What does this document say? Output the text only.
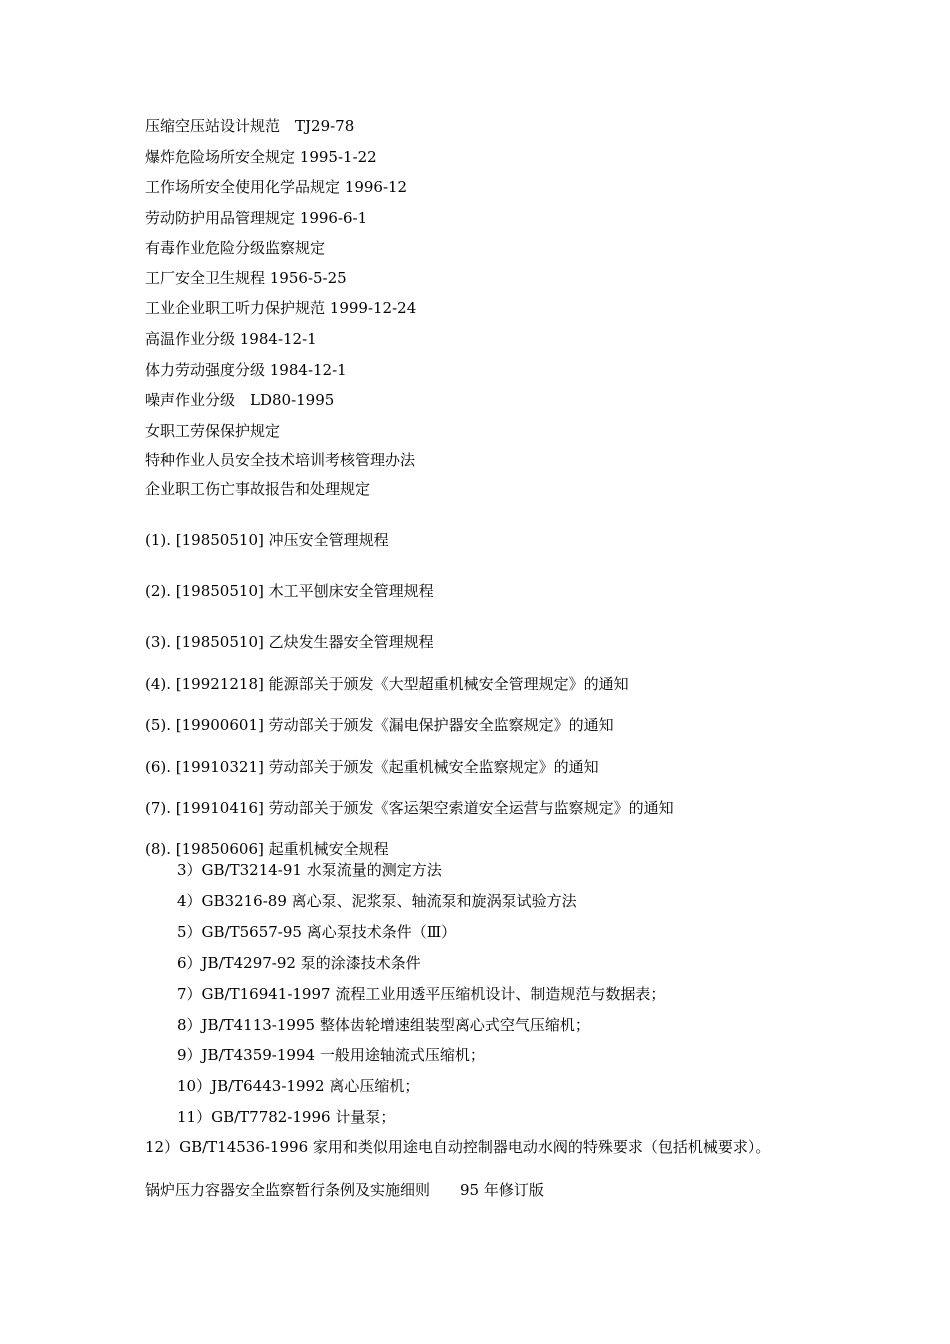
压缩空压站设计规范　TJ29-78
爆炸危险场所安全规定 1995-1-22
工作场所安全使用化学品规定 1996-12
劳动防护用品管理规定 1996-6-1
有毒作业危险分级监察规定
工厂安全卫生规程 1956-5-25
工业企业职工听力保护规范 1999-12-24
高温作业分级 1984-12-1
体力劳动强度分级 1984-12-1
噪声作业分级　LD80-1995
女职工劳保保护规定
特种作业人员安全技术培训考核管理办法
企业职工伤亡事故报告和处理规定
(1). [19850510] 冲压安全管理规程
(2). [19850510] 木工平刨床安全管理规程
(3). [19850510] 乙炔发生器安全管理规程
(4). [19921218] 能源部关于颁发《大型超重机械安全管理规定》的通知
(5). [19900601] 劳动部关于颁发《漏电保护器安全监察规定》的通知
(6). [19910321] 劳动部关于颁发《起重机械安全监察规定》的通知
(7). [19910416] 劳动部关于颁发《客运架空索道安全运营与监察规定》的通知
(8). [19850606] 起重机械安全规程
3）GB/T3214-91 水泵流量的测定方法
4）GB3216-89 离心泵、泥浆泵、轴流泵和旋涡泵试验方法
5）GB/T5657-95 离心泵技术条件（Ⅲ）
6）JB/T4297-92 泵的涂漆技术条件
7）GB/T16941-1997 流程工业用透平压缩机设计、制造规范与数据表；
8）JB/T4113-1995 整体齿轮增速组装型离心式空气压缩机；
9）JB/T4359-1994 一般用途轴流式压缩机；
10）JB/T6443-1992 离心压缩机；
11）GB/T7782-1996 计量泵；
12）GB/T14536-1996 家用和类似用途电自动控制器电动水阀的特殊要求（包括机械要求）。
锅炉压力容器安全监察暂行条例及实施细则　　95 年修订版
